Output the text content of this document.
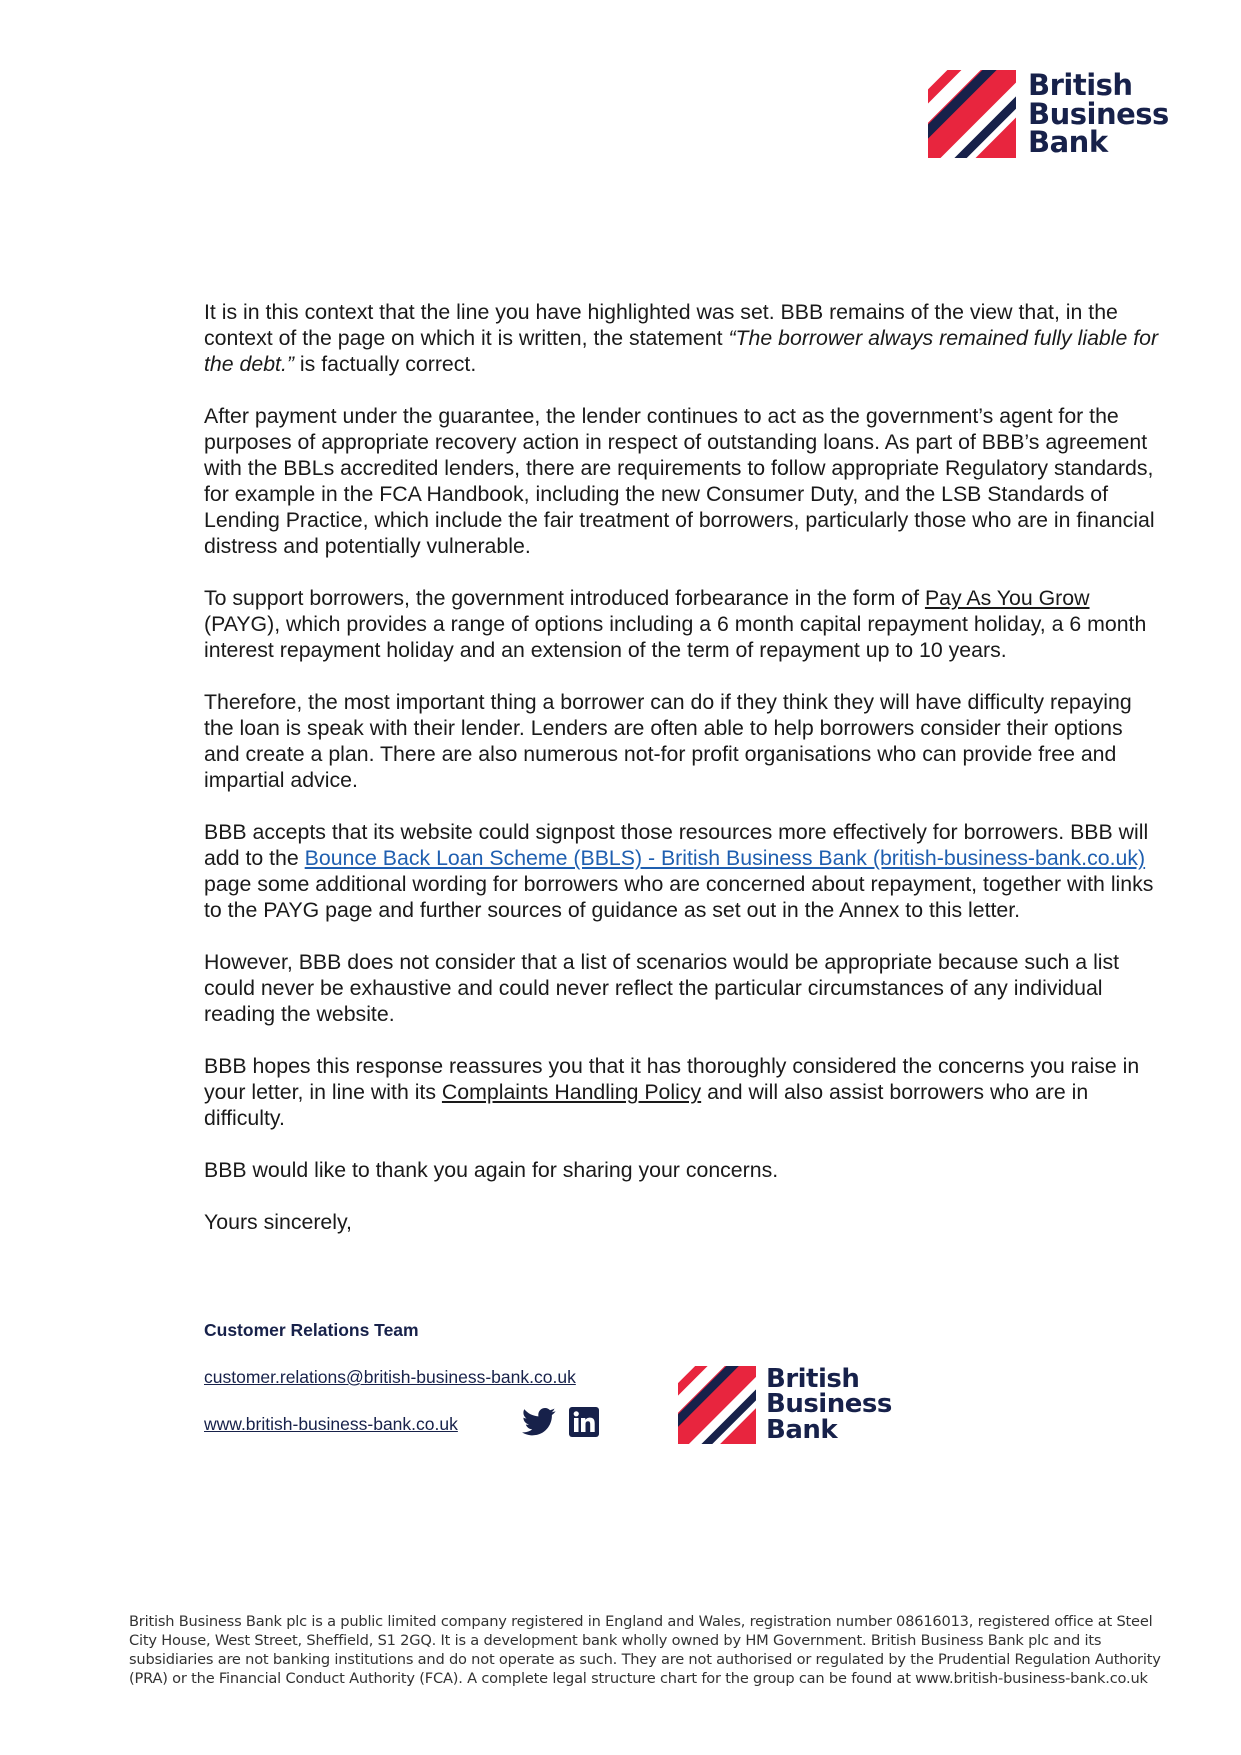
British
Business
Bank

It is in this context that the line you have highlighted was set. BBB remains of the view that, in the context of the page on which it is written, the statement “The borrower always remained fully liable for the debt.” is factually correct.

After payment under the guarantee, the lender continues to act as the government’s agent for the purposes of appropriate recovery action in respect of outstanding loans. As part of BBB’s agreement with the BBLs accredited lenders, there are requirements to follow appropriate Regulatory standards, for example in the FCA Handbook, including the new Consumer Duty, and the LSB Standards of Lending Practice, which include the fair treatment of borrowers, particularly those who are in financial distress and potentially vulnerable.

To support borrowers, the government introduced forbearance in the form of Pay As You Grow (PAYG), which provides a range of options including a 6 month capital repayment holiday, a 6 month interest repayment holiday and an extension of the term of repayment up to 10 years.

Therefore, the most important thing a borrower can do if they think they will have difficulty repaying the loan is speak with their lender. Lenders are often able to help borrowers consider their options and create a plan. There are also numerous not-for profit organisations who can provide free and impartial advice.

BBB accepts that its website could signpost those resources more effectively for borrowers. BBB will add to the Bounce Back Loan Scheme (BBLS) - British Business Bank (british-business-bank.co.uk) page some additional wording for borrowers who are concerned about repayment, together with links to the PAYG page and further sources of guidance as set out in the Annex to this letter.

However, BBB does not consider that a list of scenarios would be appropriate because such a list could never be exhaustive and could never reflect the particular circumstances of any individual reading the website.

BBB hopes this response reassures you that it has thoroughly considered the concerns you raise in your letter, in line with its Complaints Handling Policy and will also assist borrowers who are in difficulty.

BBB would like to thank you again for sharing your concerns.

Yours sincerely,

Customer Relations Team
customer.relations@british-business-bank.co.uk
www.british-business-bank.co.uk
British
Business
Bank
British Business Bank plc is a public limited company registered in England and Wales, registration number 08616013, registered office at Steel City House, West Street, Sheffield, S1 2GQ. It is a development bank wholly owned by HM Government. British Business Bank plc and its subsidiaries are not banking institutions and do not operate as such. They are not authorised or regulated by the Prudential Regulation Authority (PRA) or the Financial Conduct Authority (FCA). A complete legal structure chart for the group can be found at www.british-business-bank.co.uk
